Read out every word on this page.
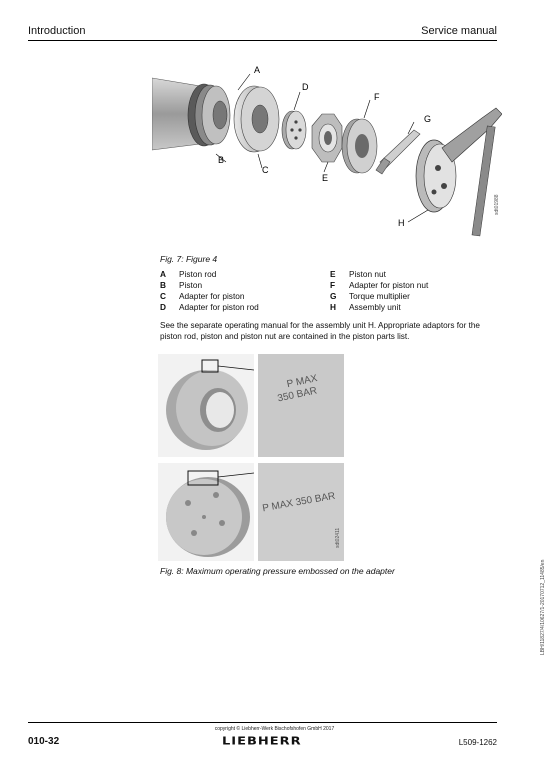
Introduction	Service manual
A
B
C
D
E
F
G
H
sdt01988
Fig. 7: Figure 4
A	Piston rod	E	Piston nut
B	Piston	F	Adapter for piston nut
C	Adapter for piston	G	Torque multiplier
D	Adapter for piston rod	H	Assembly unit
See the separate operating manual for the assembly unit H. Appropriate adaptors for the piston rod, piston and piston nut are contained in the piston parts list.
P MAX
350 BAR
P MAX 350 BAR
sdt02411
Fig. 8: Maximum operating pressure embossed on the adapter	LBH/11827/4/10627/1-20170712_11485/en
copyright © Liebherr-Werk Bischofshofen GmbH 2017
010-32	LIEBHERR	L509-1262
